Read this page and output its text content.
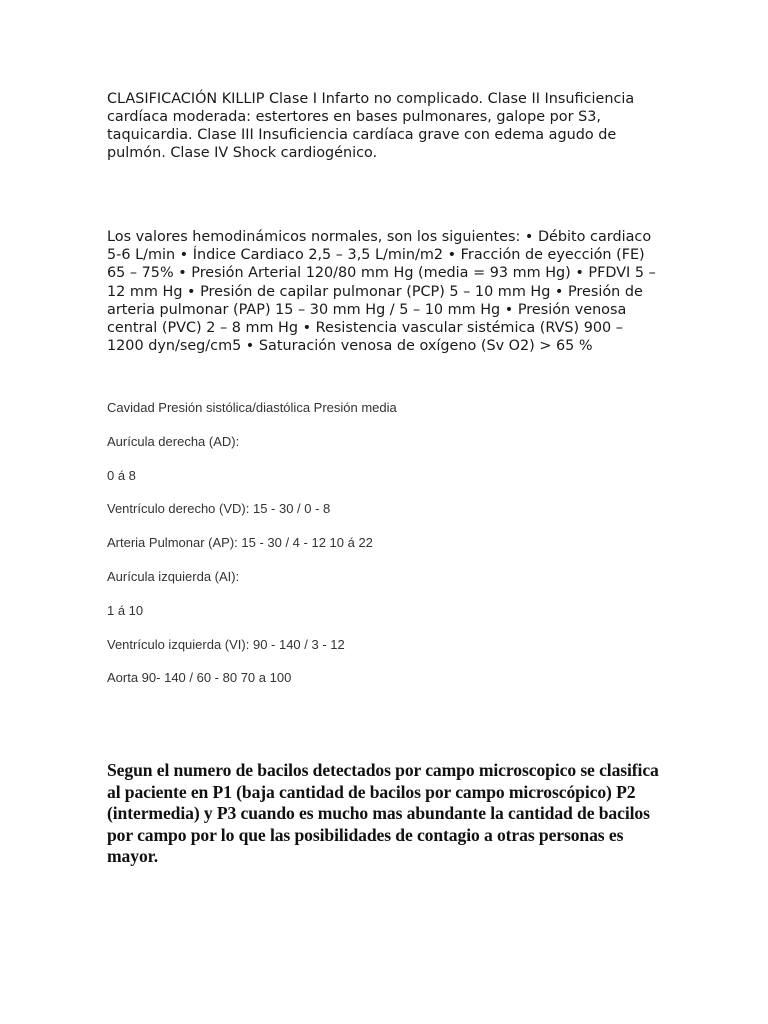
CLASIFICACIÓN KILLIP Clase I Infarto no complicado. Clase II Insuficiencia cardíaca moderada: estertores en bases pulmonares, galope por S3, taquicardia. Clase III Insuficiencia cardíaca grave con edema agudo de pulmón. Clase IV Shock cardiogénico.

Los valores hemodinámicos normales, son los siguientes: • Débito cardiaco 5-6 L/min • Índice Cardiaco 2,5 – 3,5 L/min/m2 • Fracción de eyección (FE) 65 – 75% • Presión Arterial 120/80 mm Hg (media = 93 mm Hg) • PFDVI 5 – 12 mm Hg • Presión de capilar pulmonar (PCP) 5 – 10 mm Hg • Presión de arteria pulmonar (PAP) 15 – 30 mm Hg / 5 – 10 mm Hg • Presión venosa central (PVC) 2 – 8 mm Hg • Resistencia vascular sistémica (RVS) 900 – 1200 dyn/seg/cm5 • Saturación venosa de oxígeno (Sv O2) > 65 %

Cavidad Presión sistólica/diastólica Presión media
Aurícula derecha (AD):
0 á 8
Ventrículo derecho (VD): 15 - 30 / 0 - 8
Arteria Pulmonar (AP): 15 - 30 / 4 - 12 10 á 22
Aurícula izquierda (AI):
1 á 10
Ventrículo izquierda (VI): 90 - 140 / 3 - 12
Aorta 90- 140 / 60 - 80 70 a 100

Segun el numero de bacilos detectados por campo microscopico se clasifica al paciente en P1 (baja cantidad de bacilos por campo microscópico) P2 (intermedia) y P3 cuando es mucho mas abundante la cantidad de bacilos por campo por lo que las posibilidades de contagio a otras personas es mayor.
